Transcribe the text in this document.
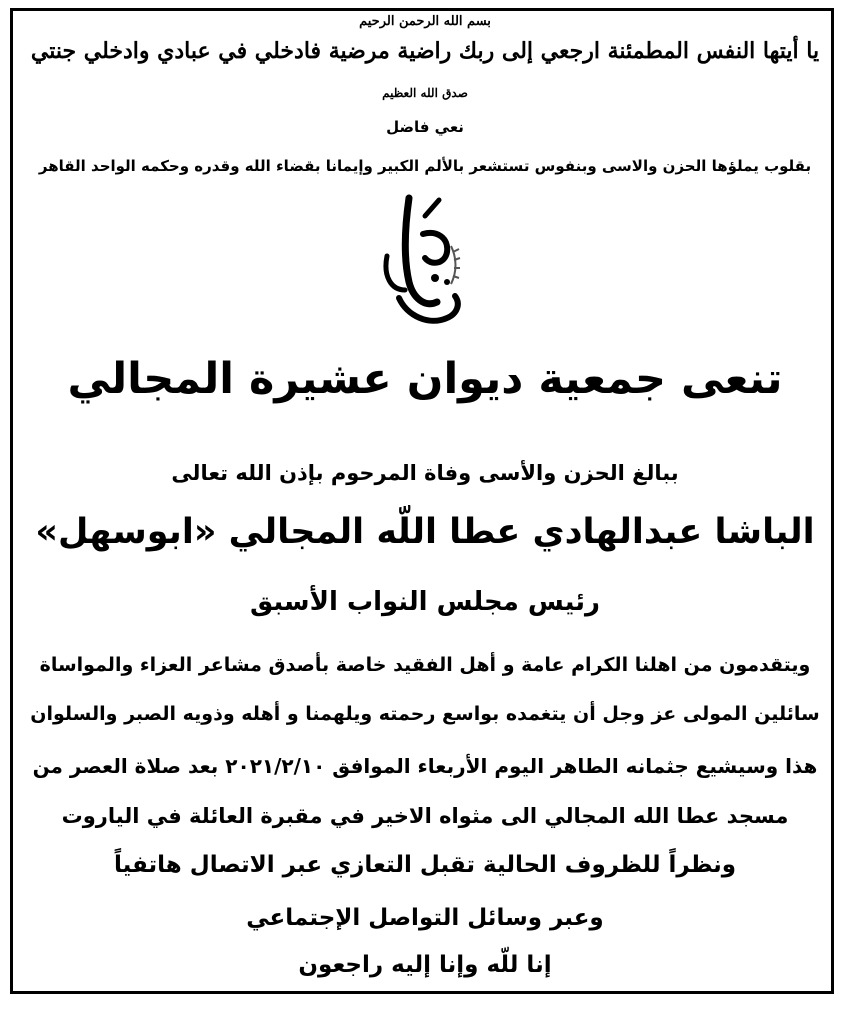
بسم الله الرحمن الرحيم

يا أيتها النفس المطمئنة ارجعي إلى ربك راضية مرضية فادخلي في عبادي وادخلي جنتي

صدق الله العظيم

نعي فاضل

بقلوب يملؤها الحزن والاسى وبنفوس تستشعر بالألم الكبير وإيمانا بقضاء الله وقدره وحكمه الواحد القاهر

تنعى جمعية ديوان عشيرة المجالي

ببالغ الحزن والأسى وفاة المرحوم بإذن الله تعالى

الباشا عبدالهادي عطا اللّه المجالي «ابوسهل»

رئيس مجلس النواب الأسبق

ويتقدمون من اهلنا الكرام عامة و أهل الفقيد خاصة بأصدق مشاعر العزاء والمواساة

سائلين المولى عز وجل أن يتغمده بواسع رحمته ويلهمنا و أهله وذويه الصبر والسلوان

هذا وسيشيع جثمانه الطاهر اليوم الأربعاء الموافق ٢٠٢١/٢/١٠ بعد صلاة العصر من

مسجد عطا الله المجالي الى مثواه الاخير في مقبرة العائلة في الياروت

ونظراً للظروف الحالية تقبل التعازي عبر الاتصال هاتفياً

وعبر وسائل التواصل الإجتماعي

إنا للّه وإنا إليه راجعون
